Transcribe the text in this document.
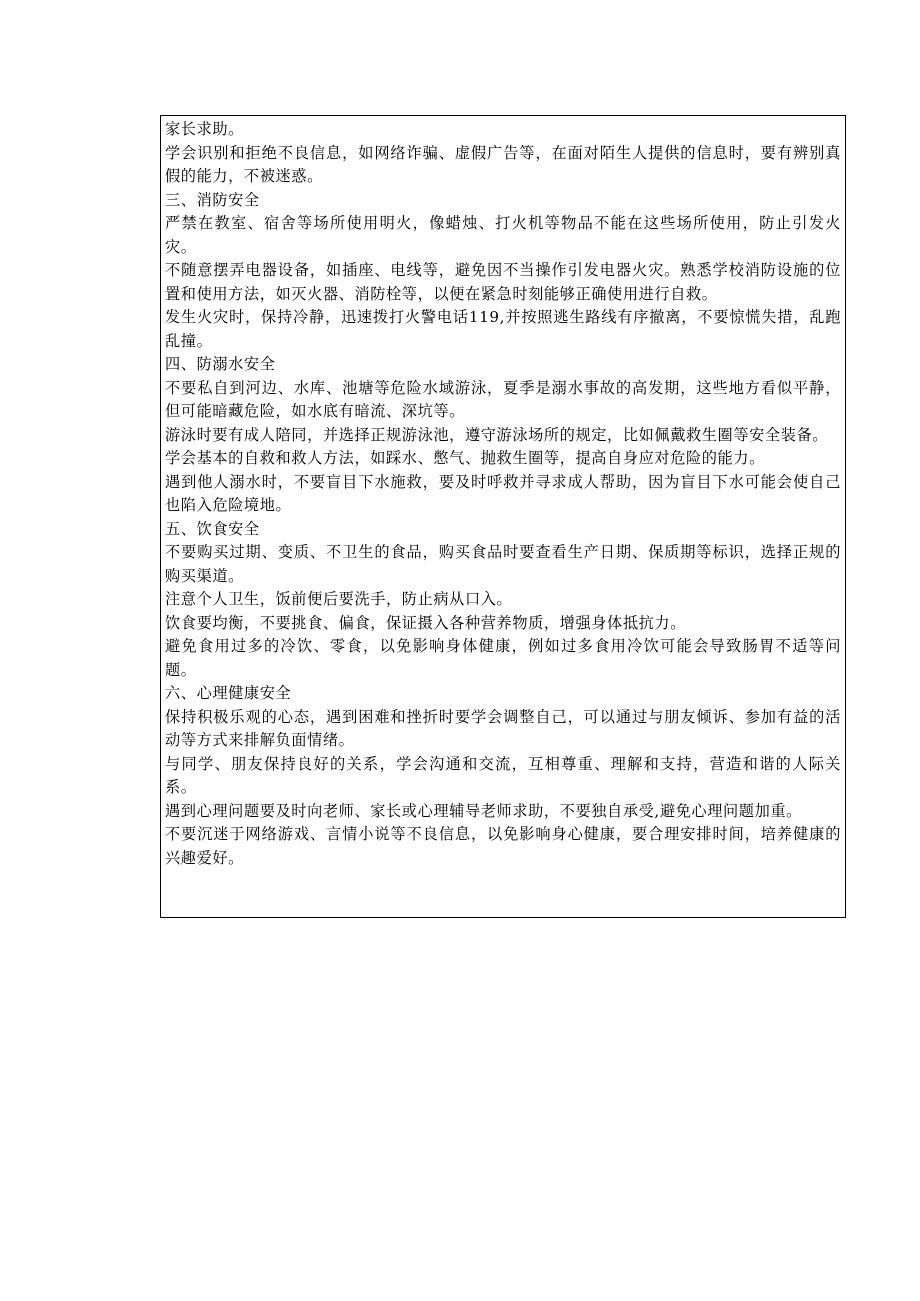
家长求助。

学会识别和拒绝不良信息，如网络诈骗、虚假广告等，在面对陌生人提供的信息时，要有辨别真假的能力，不被迷惑。

三、消防安全

严禁在教室、宿舍等场所使用明火，像蜡烛、打火机等物品不能在这些场所使用，防止引发火灾。

不随意摆弄电器设备，如插座、电线等，避免因不当操作引发电器火灾。熟悉学校消防设施的位置和使用方法，如灭火器、消防栓等，以便在紧急时刻能够正确使用进行自救。

发生火灾时，保持冷静，迅速拨打火警电话119,并按照逃生路线有序撤离，不要惊慌失措，乱跑乱撞。

四、防溺水安全

不要私自到河边、水库、池塘等危险水域游泳，夏季是溺水事故的高发期，这些地方看似平静，但可能暗藏危险，如水底有暗流、深坑等。

游泳时要有成人陪同，并选择正规游泳池，遵守游泳场所的规定，比如佩戴救生圈等安全装备。

学会基本的自救和救人方法，如踩水、憋气、抛救生圈等，提高自身应对危险的能力。

遇到他人溺水时，不要盲目下水施救，要及时呼救并寻求成人帮助，因为盲目下水可能会使自己也陷入危险境地。

五、饮食安全

不要购买过期、变质、不卫生的食品，购买食品时要查看生产日期、保质期等标识，选择正规的购买渠道。

注意个人卫生，饭前便后要洗手，防止病从口入。

饮食要均衡，不要挑食、偏食，保证摄入各种营养物质，增强身体抵抗力。

避免食用过多的冷饮、零食，以免影响身体健康，例如过多食用冷饮可能会导致肠胃不适等问题。

六、心理健康安全

保持积极乐观的心态，遇到困难和挫折时要学会调整自己，可以通过与朋友倾诉、参加有益的活动等方式来排解负面情绪。

与同学、朋友保持良好的关系，学会沟通和交流，互相尊重、理解和支持，营造和谐的人际关系。

遇到心理问题要及时向老师、家长或心理辅导老师求助，不要独自承受,避免心理问题加重。

不要沉迷于网络游戏、言情小说等不良信息，以免影响身心健康，要合理安排时间，培养健康的兴趣爱好。
